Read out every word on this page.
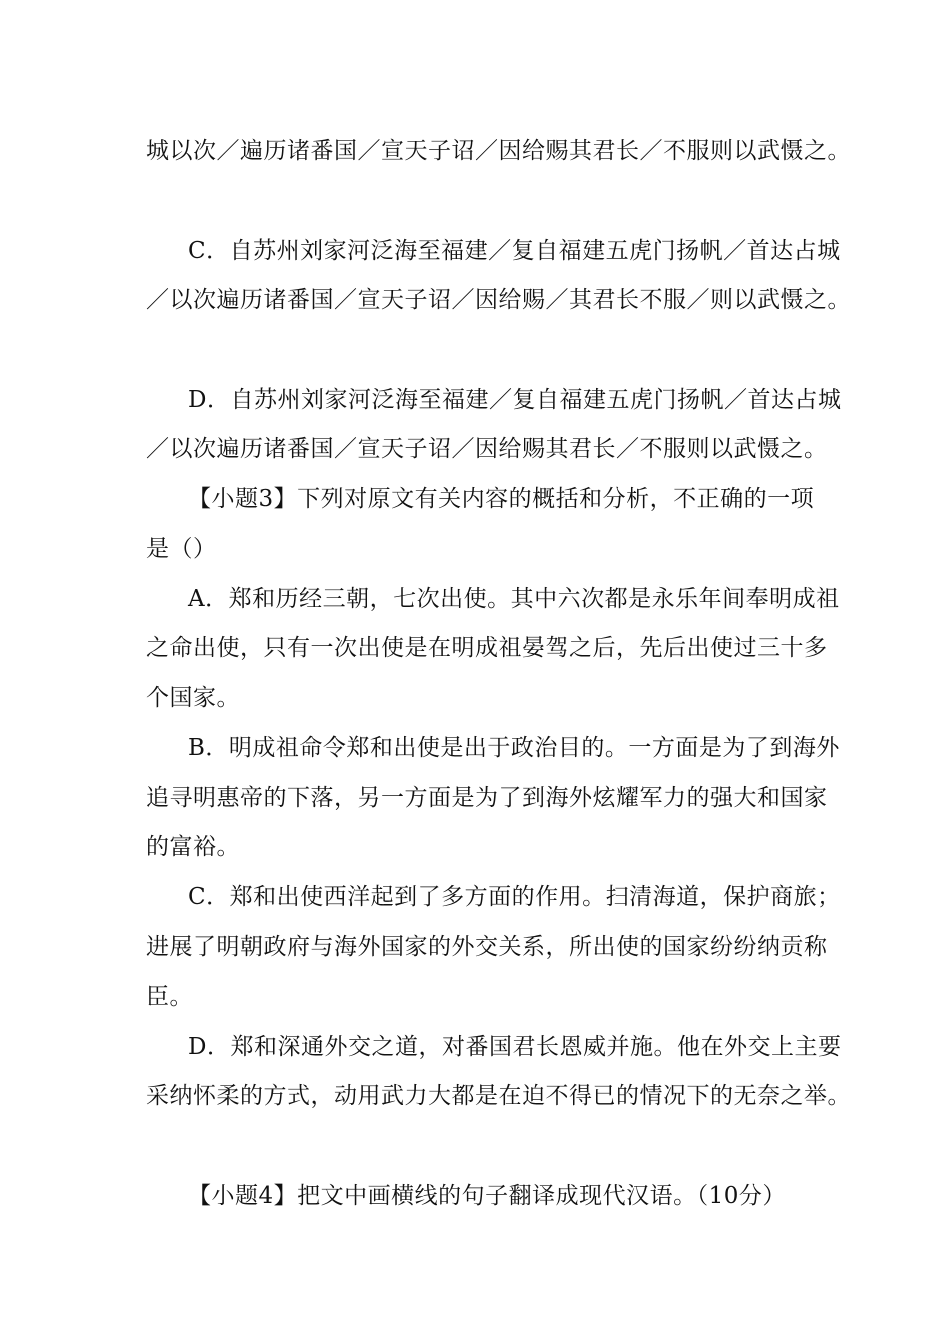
城以次／遍历诸番国／宣天子诏／因给赐其君长／不服则以武慑之。
C．自苏州刘家河泛海至福建／复自福建五虎门扬帆／首达占城
／以次遍历诸番国／宣天子诏／因给赐／其君长不服／则以武慑之。
D．自苏州刘家河泛海至福建／复自福建五虎门扬帆／首达占城
／以次遍历诸番国／宣天子诏／因给赐其君长／不服则以武慑之。
【小题3】下列对原文有关内容的概括和分析，不正确的一项
是（）
A．郑和历经三朝，七次出使。其中六次都是永乐年间奉明成祖
之命出使，只有一次出使是在明成祖晏驾之后，先后出使过三十多
个国家。
B．明成祖命令郑和出使是出于政治目的。一方面是为了到海外
追寻明惠帝的下落，另一方面是为了到海外炫耀军力的强大和国家
的富裕。
C．郑和出使西洋起到了多方面的作用。扫清海道，保护商旅；
进展了明朝政府与海外国家的外交关系，所出使的国家纷纷纳贡称
臣。
D．郑和深通外交之道，对番国君长恩威并施。他在外交上主要
采纳怀柔的方式，动用武力大都是在迫不得已的情况下的无奈之举。
【小题4】把文中画横线的句子翻译成现代汉语。（10分）
